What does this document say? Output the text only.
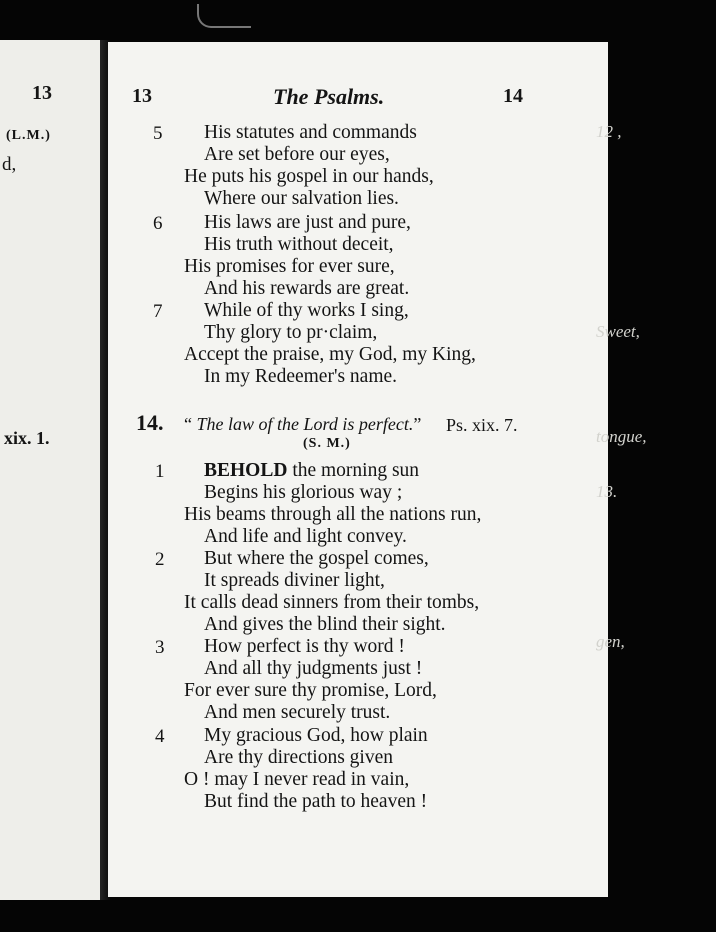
13
(L.M.)
d,
xix. 1.
12 ,
Sweet,
tongue,
13.
gen,
13	The Psalms.	14
5 His statutes and commands
Are set before our eyes,
He puts his gospel in our hands,
Where our salvation lies.
6 His laws are just and pure,
His truth without deceit,
His promises for ever sure,
And his rewards are great.
7 While of thy works I sing,
Thy glory to pr·claim,
Accept the praise, my God, my King,
In my Redeemer's name.
14. “ The law of the Lord is perfect.” Ps. xix. 7.
(S. M.)
1 BEHOLD the morning sun
Begins his glorious way ;
His beams through all the nations run,
And life and light convey.
2 But where the gospel comes,
It spreads diviner light,
It calls dead sinners from their tombs,
And gives the blind their sight.
3 How perfect is thy word !
And all thy judgments just !
For ever sure thy promise, Lord,
And men securely trust.
4 My gracious God, how plain
Are thy directions given
O ! may I never read in vain,
But find the path to heaven !
